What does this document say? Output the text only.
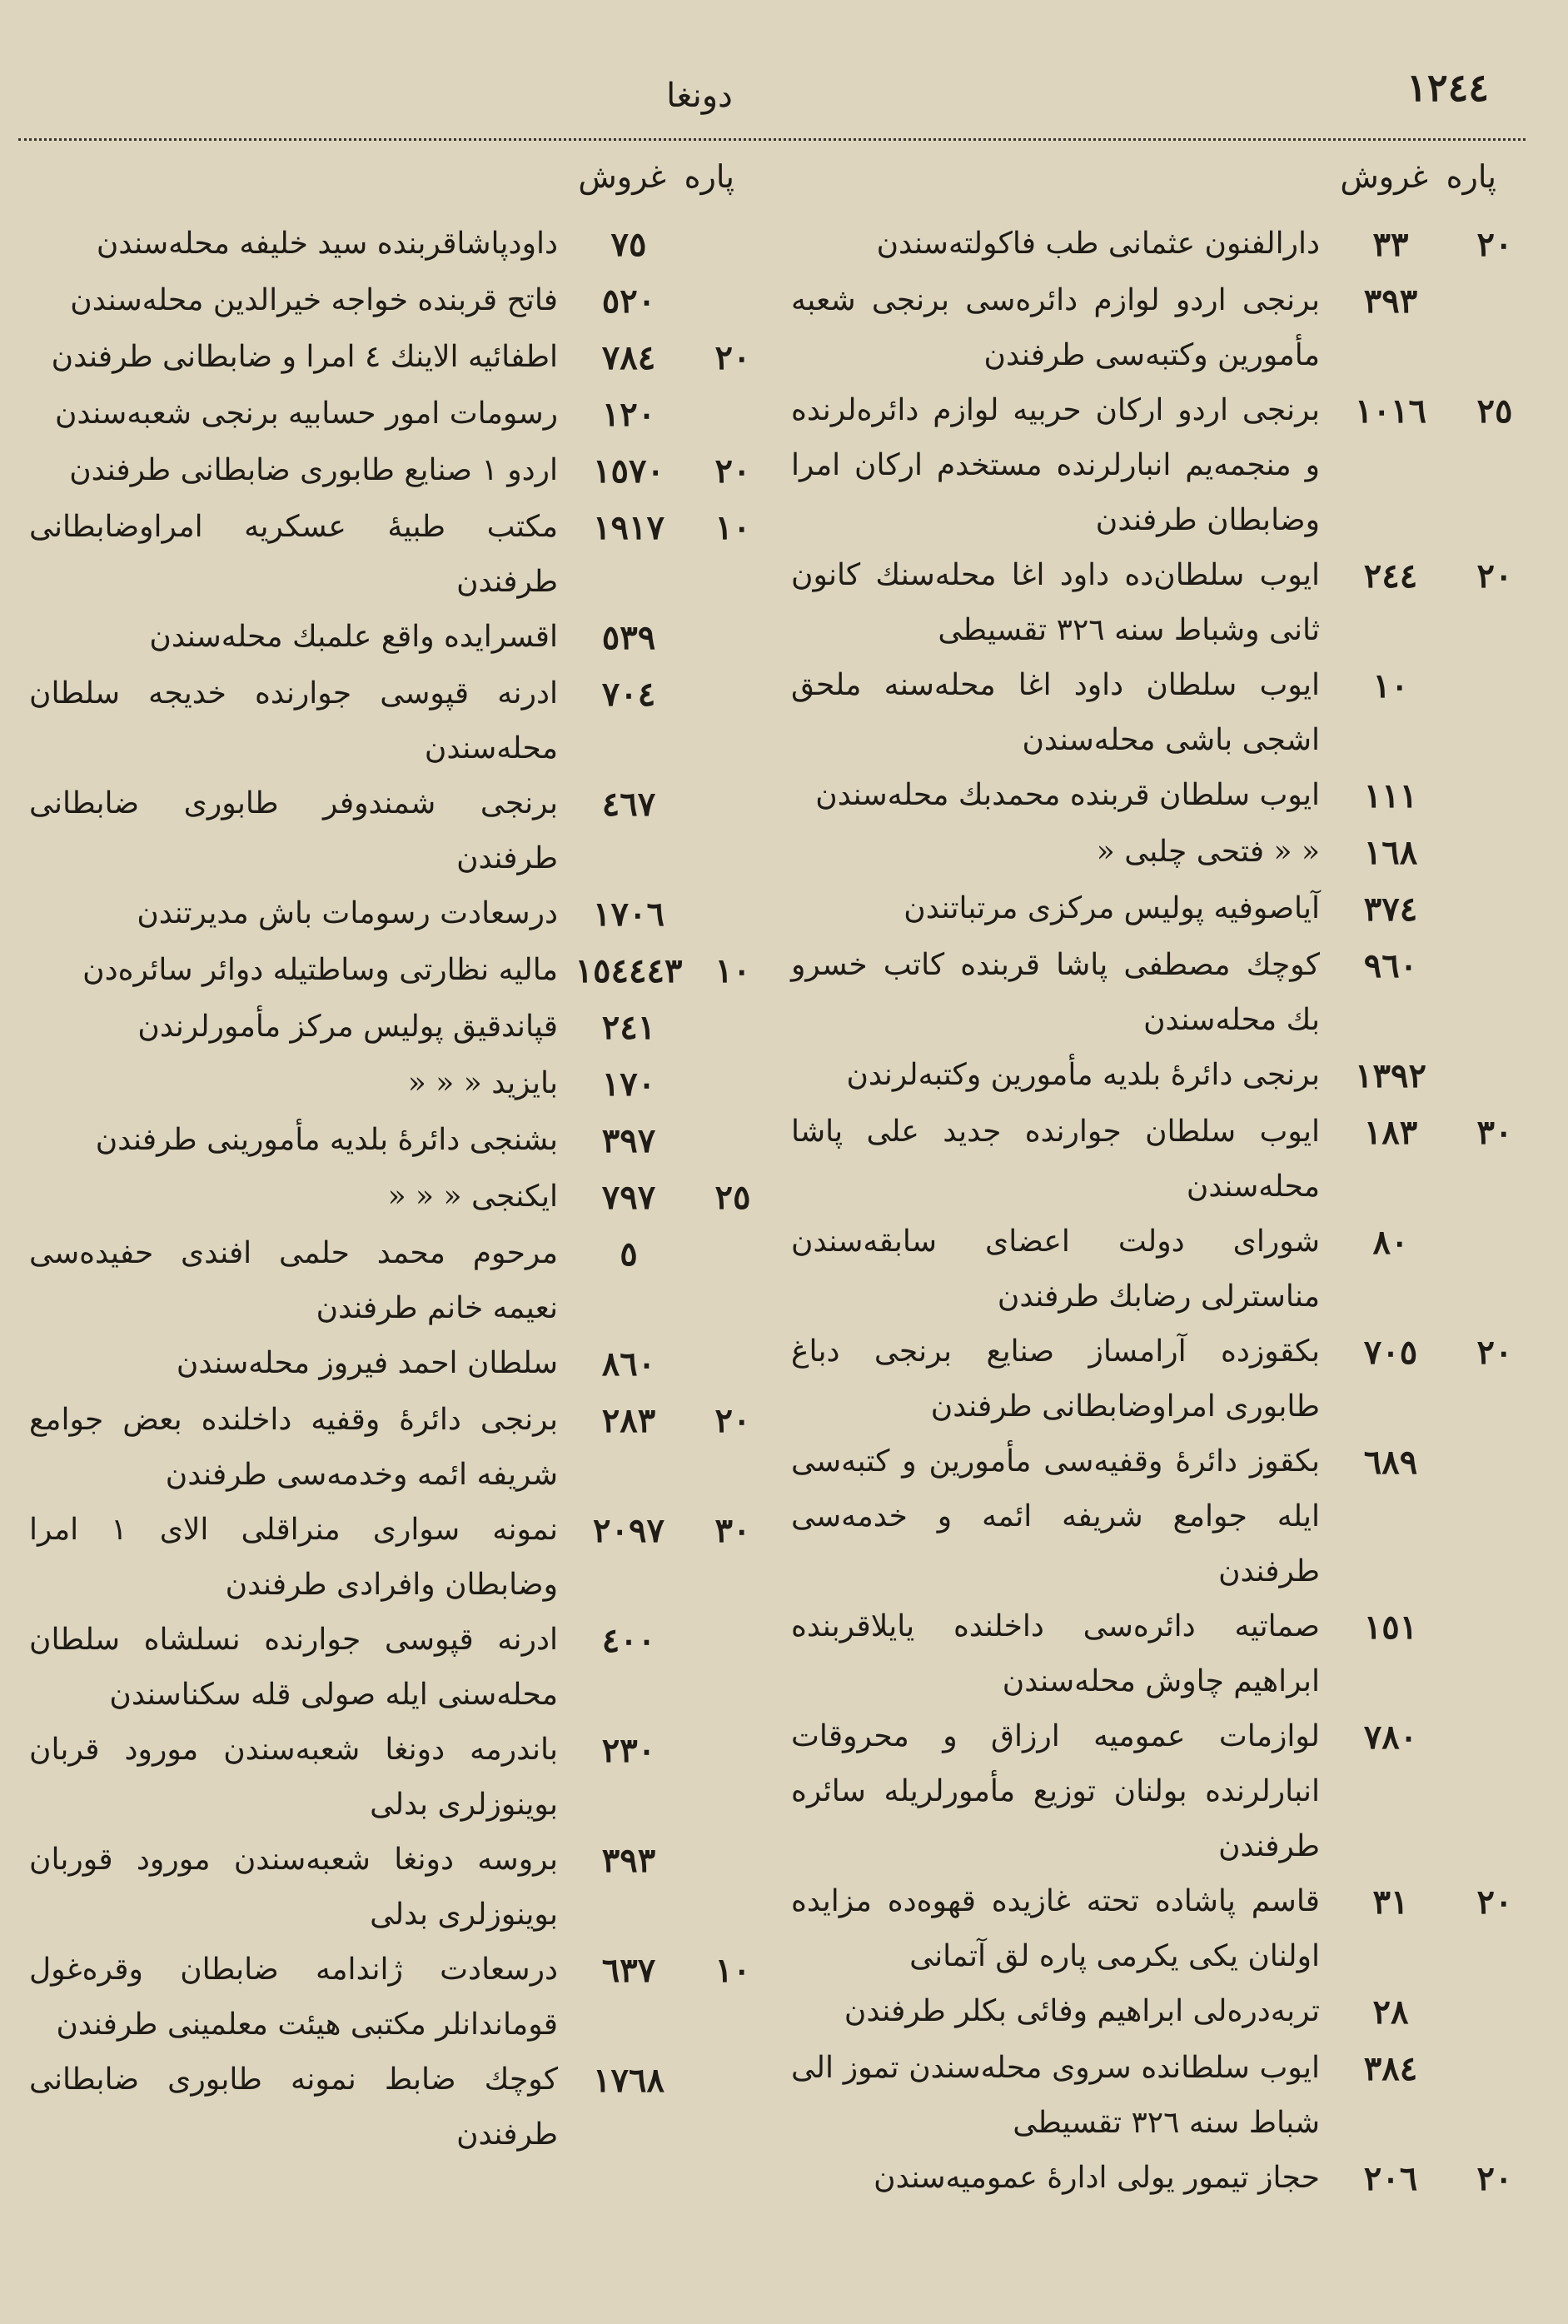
١٢٤٤
دونغا
پاره
غروش
٢٠
٣٣
دارالفنون عثمانی طب فاکولته‌سندن
٣٩٣
برنجی اردو لوازم دائره‌سی برنجی شعبه مأمورین وکتبه‌سی طرفندن
٢٥
١٠١٦
برنجی اردو ارکان حربیه لوازم دائره‌لرنده و منجمه‌یم انبارلرنده مستخدم ارکان امرا وضابطان طرفندن
٢٠
٢٤٤
ایوب سلطان‌ده داود اغا محله‌سنك کانون ثانی وشباط سنه ٣٢٦ تقسیطی
١٠
ایوب سلطان داود اغا محله‌سنه ملحق اشجی باشی محله‌سندن
١١١
ایوب سلطان قربنده محمدبك محله‌سندن
١٦٨
« « فتحی چلبی «
٣٧٤
آیاصوفیه پولیس مرکزی مرتباتندن
٩٦٠
کوچك مصطفی پاشا قربنده کاتب خسرو بك محله‌سندن
١٣٩٢
برنجی دائرهٔ بلدیه مأمورین وکتبه‌لرندن
٣٠
١٨٣
ایوب سلطان جوارنده جدید علی پاشا محله‌سندن
٨٠
شورای دولت اعضای سابقه‌سندن مناسترلی رضابك طرفندن
٢٠
٧٠٥
بکقوزده آرامساز صنایع برنجی دباغ طابوری امراوضابطانی طرفندن
٦٨٩
بکقوز دائرهٔ وقفیه‌سی مأمورین و کتبه‌سی ایله جوامع شریفه ائمه و خدمه‌سی طرفندن
١٥١
صماتیه دائره‌سی داخلنده یایلاقربنده ابراهیم چاوش محله‌سندن
٧٨٠
لوازمات عمومیه ارزاق و محروقات انبارلرنده بولنان توزیع مأمورلریله سائره طرفندن
٢٠
٣١
قاسم پاشاده تحته غازیده قهوه‌ده مزایده اولنان یکی یکرمی پاره لق آتمانی
٢٨
تربه‌درەلی ابراهیم وفائی بکلر طرفندن
٣٨٤
ایوب سلطانده سروی محله‌سندن تموز الی شباط سنه ٣٢٦ تقسیطی
٢٠
٢٠٦
حجاز تیمور یولی ادارهٔ عمومیه‌سندن
پاره
غروش
٧٥
داودپاشاقربنده سید خلیفه محله‌سندن
٥٢٠
فاتح قربنده خواجه خیرالدین محله‌سندن
٢٠
٧٨٤
اطفائیه الاینك ٤ امرا و ضابطانی طرفندن
١٢٠
رسومات امور حسابیه برنجی شعبه‌سندن
٢٠
١٥٧٠
اردو ١ صنایع طابوری ضابطانی طرفندن
١٠
١٩١٧
مکتب طبیهٔ عسکریه امراوضابطانی طرفندن
٥٣٩
اقسرایده واقع علمبك محله‌سندن
٧٠٤
ادرنه قپوسی جوارنده خدیجه سلطان محله‌سندن
٤٦٧
برنجی شمندوفر طابوری ضابطانی طرفندن
١٧٠٦
درسعادت رسومات باش مدیرتندن
١٠
١٥٤٤٤٣
مالیه نظارتی وساطتیله دوائر سائره‌دن
٢٤١
قپاندقیق پولیس مرکز مأمورلرندن
١٧٠
بایزید « « «
٣٩٧
بشنجی دائرهٔ بلدیه مأمورینی طرفندن
٢٥
٧٩٧
ایکنجی « « «
٥
مرحوم محمد حلمی افندی حفیده‌سی نعیمه خانم طرفندن
٨٦٠
سلطان احمد فیروز محله‌سندن
٢٠
٢٨٣
برنجی دائرهٔ وقفیه داخلنده بعض جوامع شریفه ائمه وخدمه‌سی طرفندن
٣٠
٢٠٩٧
نمونه سواری منراقلی الای ١ امرا وضابطان وافرادی طرفندن
٤٠٠
ادرنه قپوسی جوارنده نسلشاه سلطان محله‌سنی ایله صولی قله سکناسندن
٢٣٠
باندرمه دونغا شعبه‌سندن مورود قربان بوینوزلری بدلی
٣٩٣
بروسه دونغا شعبه‌سندن مورود قوربان بوینوزلری بدلی
١٠
٦٣٧
درسعادت ژاندامه ضابطان وقره‌غول قوماندانلر مکتبی هیئت معلمینی طرفندن
١٧٦٨
کوچك ضابط نمونه طابوری ضابطانی طرفندن
